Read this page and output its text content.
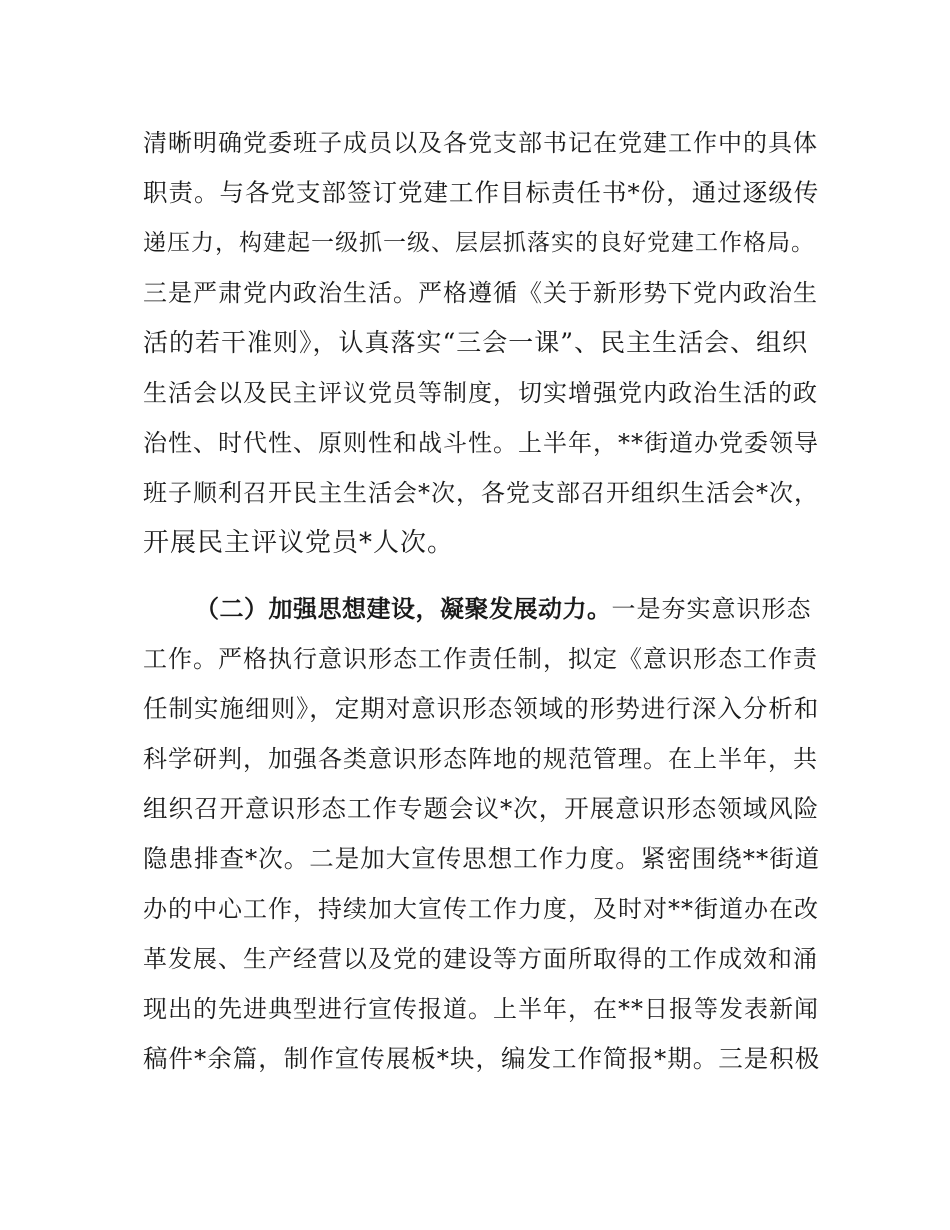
清晰明确党委班子成员以及各党支部书记在党建工作中的具体
职责。与各党支部签订党建工作目标责任书*份，通过逐级传
递压力，构建起一级抓一级、层层抓落实的良好党建工作格局。
三是严肃党内政治生活。严格遵循《关于新形势下党内政治生
活的若干准则》，认真落实“三会一课”、民主生活会、组织
生活会以及民主评议党员等制度，切实增强党内政治生活的政
治性、时代性、原则性和战斗性。上半年，**街道办党委领导
班子顺利召开民主生活会*次，各党支部召开组织生活会*次，
开展民主评议党员*人次。
（二）加强思想建设，凝聚发展动力。一是夯实意识形态
工作。严格执行意识形态工作责任制，拟定《意识形态工作责
任制实施细则》，定期对意识形态领域的形势进行深入分析和
科学研判，加强各类意识形态阵地的规范管理。在上半年，共
组织召开意识形态工作专题会议*次，开展意识形态领域风险
隐患排查*次。二是加大宣传思想工作力度。紧密围绕**街道
办的中心工作，持续加大宣传工作力度，及时对**街道办在改
革发展、生产经营以及党的建设等方面所取得的工作成效和涌
现出的先进典型进行宣传报道。上半年，在**日报等发表新闻
稿件*余篇，制作宣传展板*块，编发工作简报*期。三是积极
